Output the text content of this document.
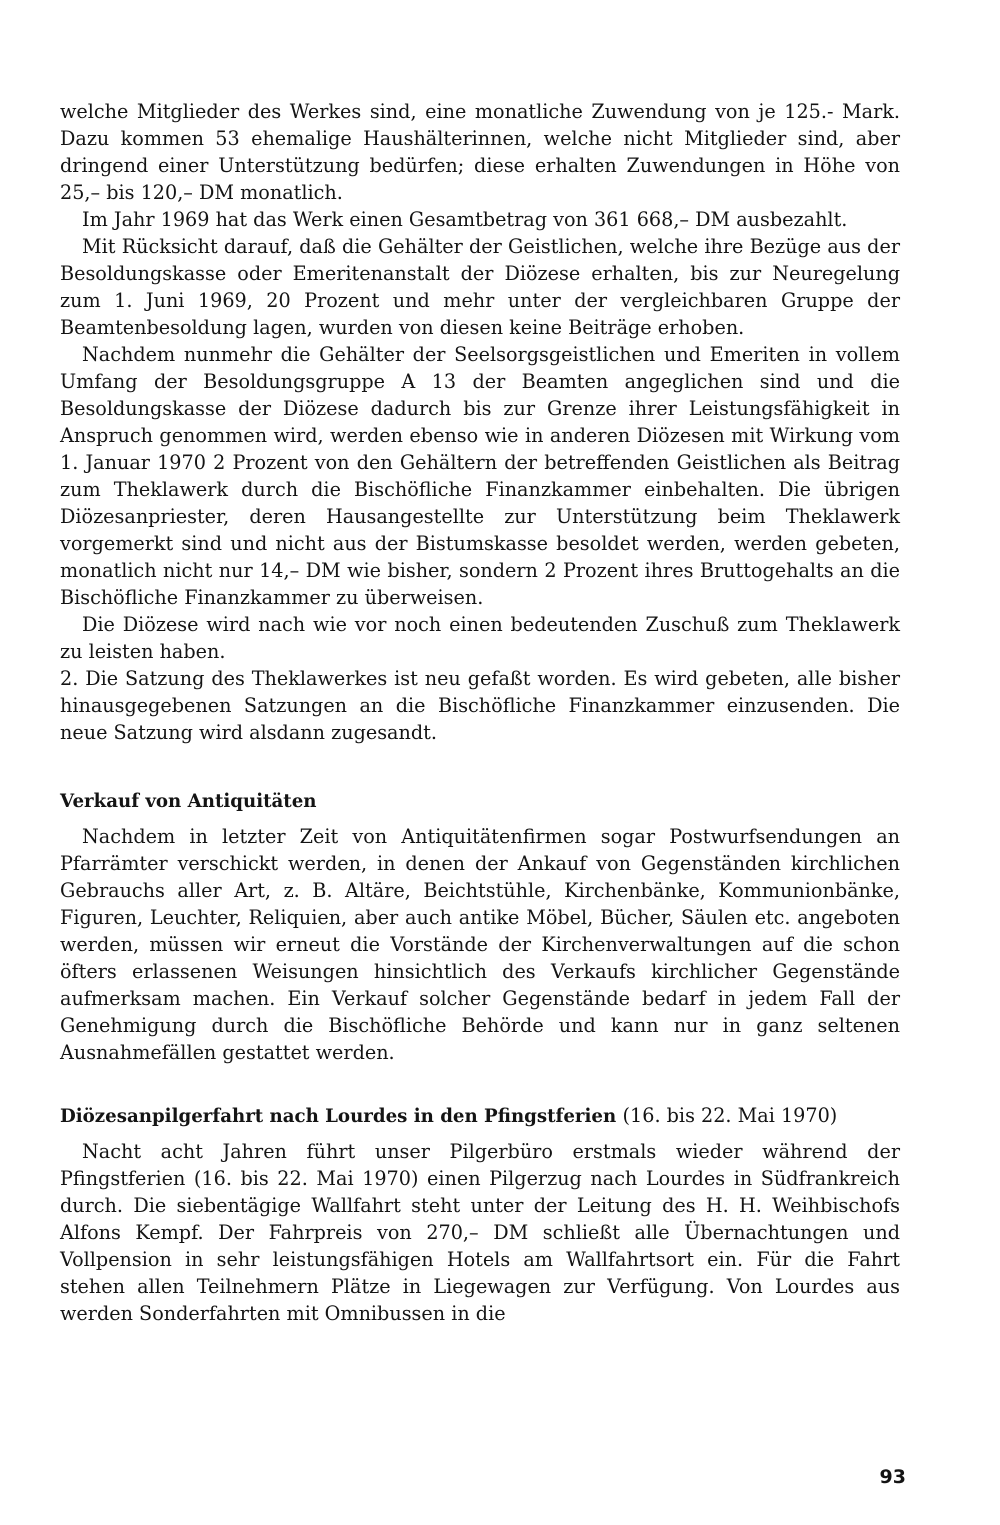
welche Mitglieder des Werkes sind, eine monatliche Zuwendung von je 125.- Mark. Dazu kommen 53 ehemalige Haushälterinnen, welche nicht Mitglieder sind, aber dringend einer Unterstützung bedürfen; diese erhalten Zuwendungen in Höhe von 25,– bis 120,– DM monatlich.

Im Jahr 1969 hat das Werk einen Gesamtbetrag von 361 668,– DM ausbezahlt.

Mit Rücksicht darauf, daß die Gehälter der Geistlichen, welche ihre Bezüge aus der Besoldungskasse oder Emeritenanstalt der Diözese erhalten, bis zur Neuregelung zum 1. Juni 1969, 20 Prozent und mehr unter der vergleichbaren Gruppe der Beamtenbesoldung lagen, wurden von diesen keine Beiträge erhoben.

Nachdem nunmehr die Gehälter der Seelsorgsgeistlichen und Emeriten in vollem Umfang der Besoldungsgruppe A 13 der Beamten angeglichen sind und die Besoldungskasse der Diözese dadurch bis zur Grenze ihrer Leistungsfähigkeit in Anspruch genommen wird, werden ebenso wie in anderen Diözesen mit Wirkung vom 1. Januar 1970 2 Prozent von den Gehältern der betreffenden Geistlichen als Beitrag zum Theklawerk durch die Bischöfliche Finanzkammer einbehalten. Die übrigen Diözesanpriester, deren Hausangestellte zur Unterstützung beim Theklawerk vorgemerkt sind und nicht aus der Bistumskasse besoldet werden, werden gebeten, monatlich nicht nur 14,– DM wie bisher, sondern 2 Prozent ihres Bruttogehalts an die Bischöfliche Finanzkammer zu überweisen.

Die Diözese wird nach wie vor noch einen bedeutenden Zuschuß zum Theklawerk zu leisten haben.

2. Die Satzung des Theklawerkes ist neu gefaßt worden. Es wird gebeten, alle bisher hinausgegebenen Satzungen an die Bischöfliche Finanzkammer einzusenden. Die neue Satzung wird alsdann zugesandt.

Verkauf von Antiquitäten

Nachdem in letzter Zeit von Antiquitätenfirmen sogar Postwurfsendungen an Pfarrämter verschickt werden, in denen der Ankauf von Gegenständen kirchlichen Gebrauchs aller Art, z. B. Altäre, Beichtstühle, Kirchenbänke, Kommunionbänke, Figuren, Leuchter, Reliquien, aber auch antike Möbel, Bücher, Säulen etc. angeboten werden, müssen wir erneut die Vorstände der Kirchenverwaltungen auf die schon öfters erlassenen Weisungen hinsichtlich des Verkaufs kirchlicher Gegenstände aufmerksam machen. Ein Verkauf solcher Gegenstände bedarf in jedem Fall der Genehmigung durch die Bischöfliche Behörde und kann nur in ganz seltenen Ausnahmefällen gestattet werden.

Diözesanpilgerfahrt nach Lourdes in den Pfingstferien (16. bis 22. Mai 1970)

Nacht acht Jahren führt unser Pilgerbüro erstmals wieder während der Pfingstferien (16. bis 22. Mai 1970) einen Pilgerzug nach Lourdes in Südfrankreich durch. Die siebentägige Wallfahrt steht unter der Leitung des H. H. Weihbischofs Alfons Kempf. Der Fahrpreis von 270,– DM schließt alle Übernachtungen und Vollpension in sehr leistungsfähigen Hotels am Wallfahrtsort ein. Für die Fahrt stehen allen Teilnehmern Plätze in Liegewagen zur Verfügung. Von Lourdes aus werden Sonderfahrten mit Omnibussen in die

93
